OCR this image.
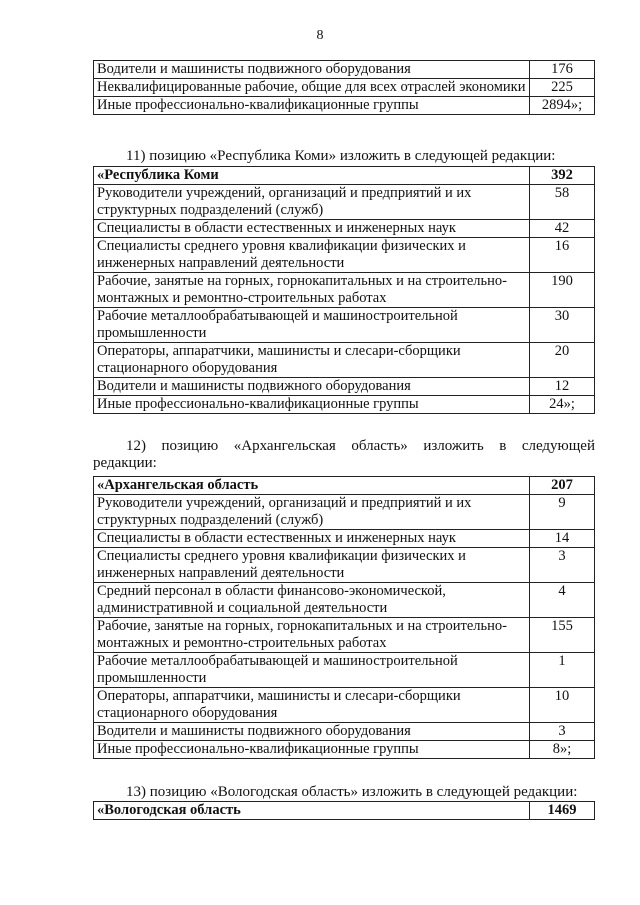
8
Водители и машинисты подвижного оборудования	176
Неквалифицированные рабочие, общие для всех отраслей экономики	225
Иные профессионально-квалификационные группы	2894»;
11) позицию «Республика Коми» изложить в следующей редакции:
«Республика Коми	392
Руководители учреждений, организаций и предприятий и их структурных подразделений (служб)	58
Специалисты в области естественных и инженерных наук	42
Специалисты среднего уровня квалификации физических и инженерных направлений деятельности	16
Рабочие, занятые на горных, горнокапитальных и на строительно-монтажных и ремонтно-строительных работах	190
Рабочие металлообрабатывающей и машиностроительной промышленности	30
Операторы, аппаратчики, машинисты и слесари-сборщики стационарного оборудования	20
Водители и машинисты подвижного оборудования	12
Иные профессионально-квалификационные группы	24»;
12) позицию «Архангельская область» изложить в следующей
редакции:
«Архангельская область	207
Руководители учреждений, организаций и предприятий и их структурных подразделений (служб)	9
Специалисты в области естественных и инженерных наук	14
Специалисты среднего уровня квалификации физических и инженерных направлений деятельности	3
Средний персонал в области финансово-экономической, административной и социальной деятельности	4
Рабочие, занятые на горных, горнокапитальных и на строительно-монтажных и ремонтно-строительных работах	155
Рабочие металлообрабатывающей и машиностроительной промышленности	1
Операторы, аппаратчики, машинисты и слесари-сборщики стационарного оборудования	10
Водители и машинисты подвижного оборудования	3
Иные профессионально-квалификационные группы	8»;
13) позицию «Вологодская область» изложить в следующей редакции:
«Вологодская область	1469
